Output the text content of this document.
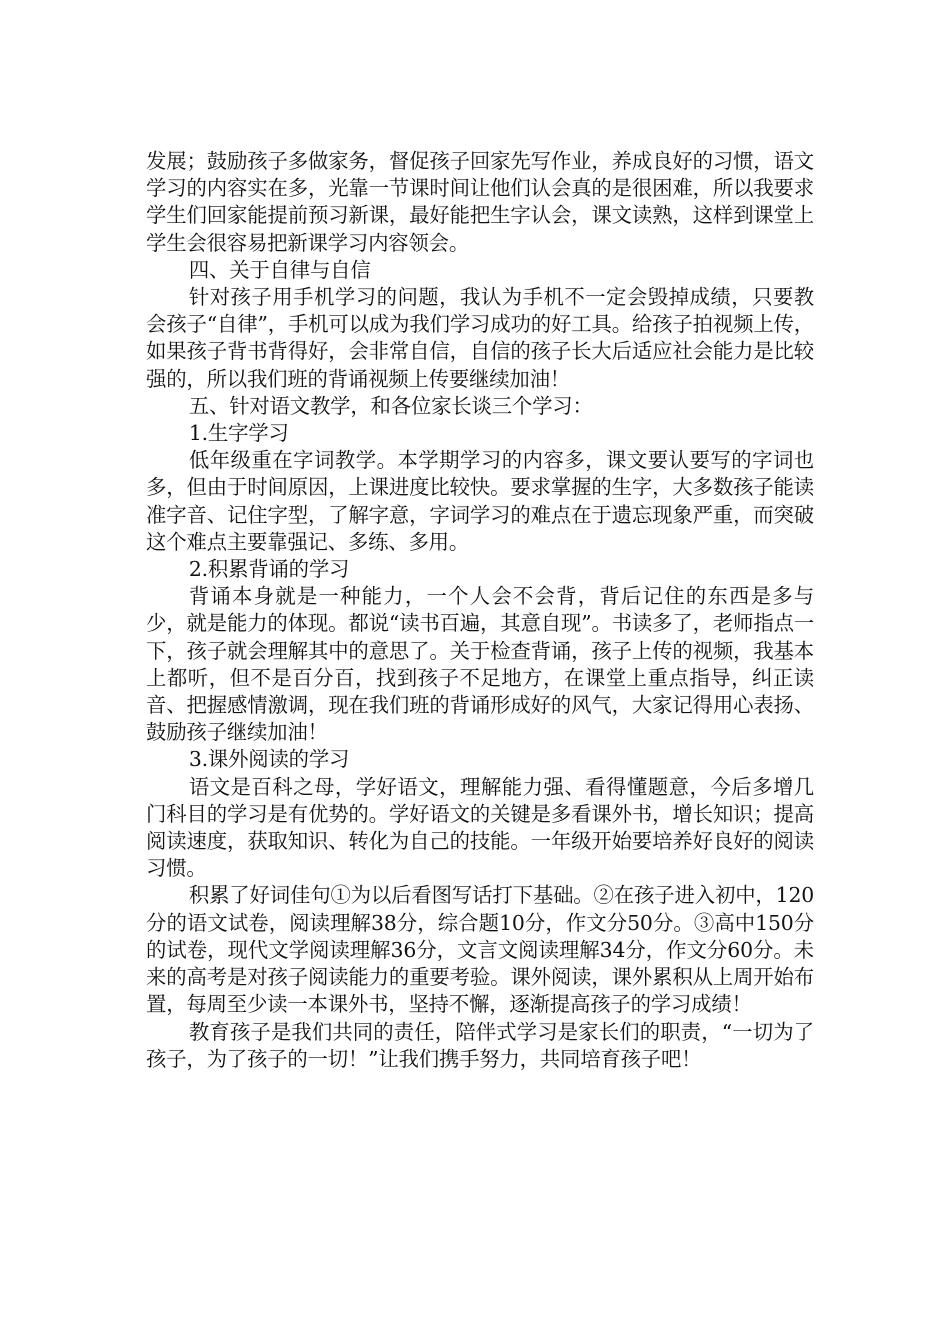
发展；鼓励孩子多做家务，督促孩子回家先写作业，养成良好的习惯，语文学习的内容实在多，光靠一节课时间让他们认会真的是很困难，所以我要求学生们回家能提前预习新课，最好能把生字认会，课文读熟，这样到课堂上学生会很容易把新课学习内容领会。

四、关于自律与自信

针对孩子用手机学习的问题，我认为手机不一定会毁掉成绩，只要教会孩子“自律”，手机可以成为我们学习成功的好工具。给孩子拍视频上传，如果孩子背书背得好，会非常自信，自信的孩子长大后适应社会能力是比较强的，所以我们班的背诵视频上传要继续加油！

五、针对语文教学，和各位家长谈三个学习：

1.生字学习

低年级重在字词教学。本学期学习的内容多，课文要认要写的字词也多，但由于时间原因，上课进度比较快。要求掌握的生字，大多数孩子能读准字音、记住字型，了解字意，字词学习的难点在于遗忘现象严重，而突破这个难点主要靠强记、多练、多用。

2.积累背诵的学习

背诵本身就是一种能力，一个人会不会背，背后记住的东西是多与少，就是能力的体现。都说“读书百遍，其意自现”。书读多了，老师指点一下，孩子就会理解其中的意思了。关于检查背诵，孩子上传的视频，我基本上都听，但不是百分百，找到孩子不足地方，在课堂上重点指导，纠正读音、把握感情激调，现在我们班的背诵形成好的风气，大家记得用心表扬、鼓励孩子继续加油！

3.课外阅读的学习

语文是百科之母，学好语文，理解能力强、看得懂题意，今后多增几门科目的学习是有优势的。学好语文的关键是多看课外书，增长知识；提高阅读速度，获取知识、转化为自己的技能。一年级开始要培养好良好的阅读习惯。

积累了好词佳句①为以后看图写话打下基础。②在孩子进入初中，120分的语文试卷，阅读理解38分，综合题10分，作文分50分。③高中150分的试卷，现代文学阅读理解36分，文言文阅读理解34分，作文分60分。未来的高考是对孩子阅读能力的重要考验。课外阅读，课外累积从上周开始布置，每周至少读一本课外书，坚持不懈，逐渐提高孩子的学习成绩！

教育孩子是我们共同的责任，陪伴式学习是家长们的职责，“一切为了孩子，为了孩子的一切！”让我们携手努力，共同培育孩子吧！
